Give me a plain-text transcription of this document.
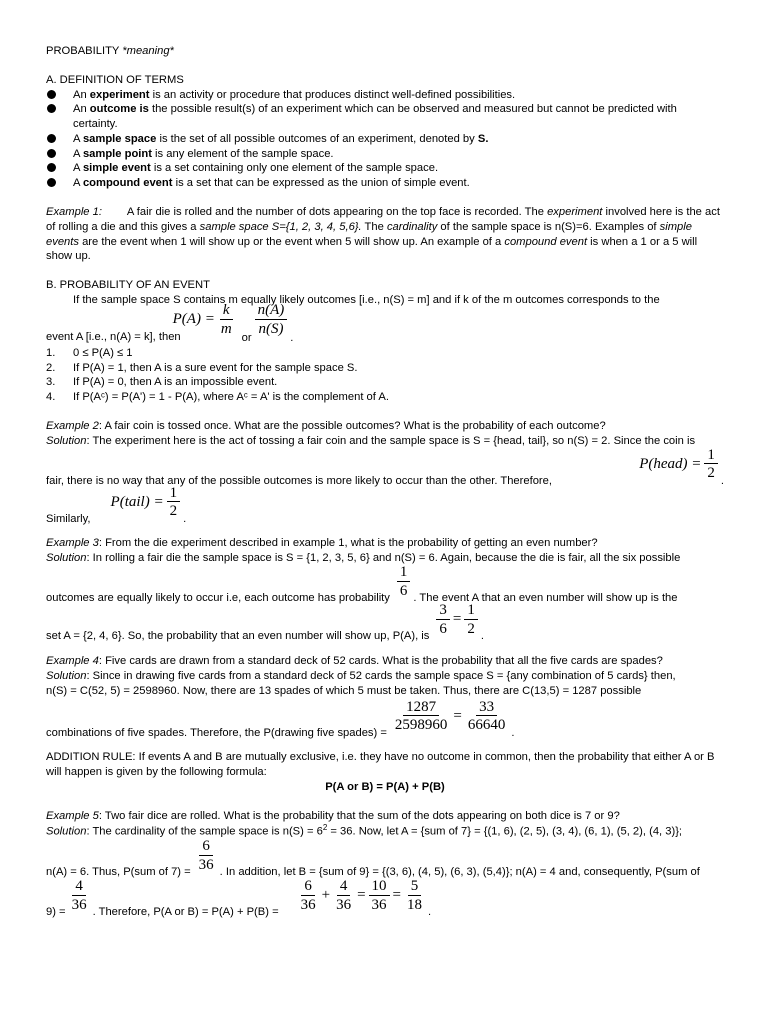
PROBABILITY *meaning*

A. DEFINITION OF TERMS

An experiment is an activity or procedure that produces distinct well-defined possibilities.
An outcome is the possible result(s) of an experiment which can be observed and measured but cannot be predicted with certainty.
A sample space is the set of all possible outcomes of an experiment, denoted by S.
A sample point is any element of the sample space.
A simple event is a set containing only one element of the sample space.
A compound event is a set that can be expressed as the union of simple event.

Example 1: A fair die is rolled and the number of dots appearing on the top face is recorded. The experiment involved here is the act of rolling a die and this gives a sample space S={1, 2, 3, 4, 5,6}. The cardinality of the sample space is n(S)=6. Examples of simple events are the event when 1 will show up or the event when 5 will show up. An example of a compound event is when a 1 or a 5 will show up.

B. PROBABILITY OF AN EVENT

If the sample space S contains m equally likely outcomes [i.e., n(S) = m] and if k of the m outcomes corresponds to the

event A [i.e., n(A) = k], then
$P(A) = \frac{k}{m}$
or
$\frac{n(A)}{n(S)}$
.
1. 0 ≤ P(A) ≤ 1
2. If P(A) = 1, then A is a sure event for the sample space S.
3. If P(A) = 0, then A is an impossible event.
4. If P(Aᶜ) = P(A') = 1 - P(A), where Aᶜ = A' is the complement of A.

Example 2: A fair coin is tossed once. What are the possible outcomes? What is the probability of each outcome?

Solution: The experiment here is the act of tossing a fair coin and the sample space is S = {head, tail}, so n(S) = 2. Since the coin is

fair, there is no way that any of the possible outcomes is more likely to occur than the other. Therefore,
P(head) = $\frac{1}{2}$ .
Similarly,
P(tail) = $\frac{1}{2}$ .

Example 3: From the die experiment described in example 1, what is the probability of getting an even number?

Solution: In rolling a fair die the sample space is S = {1, 2, 3, 5, 6} and n(S) = 6. Again, because the die is fair, all the six possible

outcomes are equally likely to occur i.e, each outcome has probability $\frac{1}{6}$ . The event A that an even number will show up is the
set A = {2, 4, 6}. So, the probability that an even number will show up, P(A), is $\frac{3}{6} = \frac{1}{2}$ .

Example 4: Five cards are drawn from a standard deck of 52 cards. What is the probability that all the five cards are spades?

Solution: Since in drawing five cards from a standard deck of 52 cards the sample space S = {any combination of 5 cards} then,

n(S) = C(52, 5) = 2598960. Now, there are 13 spades of which 5 must be taken. Thus, there are C(13,5) = 1287 possible

combinations of five spades. Therefore, the P(drawing five spades) = $\frac{1287}{2598960} = \frac{33}{66640}$ .

ADDITION RULE: If events A and B are mutually exclusive, i.e. they have no outcome in common, then the probability that either A or B will happen is given by the following formula:

P(A or B) = P(A) + P(B)

Example 5: Two fair dice are rolled. What is the probability that the sum of the dots appearing on both dice is 7 or 9?

Solution: The cardinality of the sample space is $n(S) = 6^2 = 36$. Now, let A = {sum of 7} = {(1, 6), (2, 5), (3, 4), (6, 1), (5, 2), (4, 3)};

n(A) = 6. Thus, P(sum of $7) = \frac{6}{36}$ . In addition, let B = {sum of 9} = {(3, 6), (4, 5), (6, 3), (5,4)}; n(A) = 4 and, consequently, P(sum of
$9) = \frac{4}{36}$ . Therefore, P(A or $B) = P(A) + P(B) = \frac{6}{36} + \frac{4}{36} = \frac{10}{36} = \frac{5}{18}$ .
